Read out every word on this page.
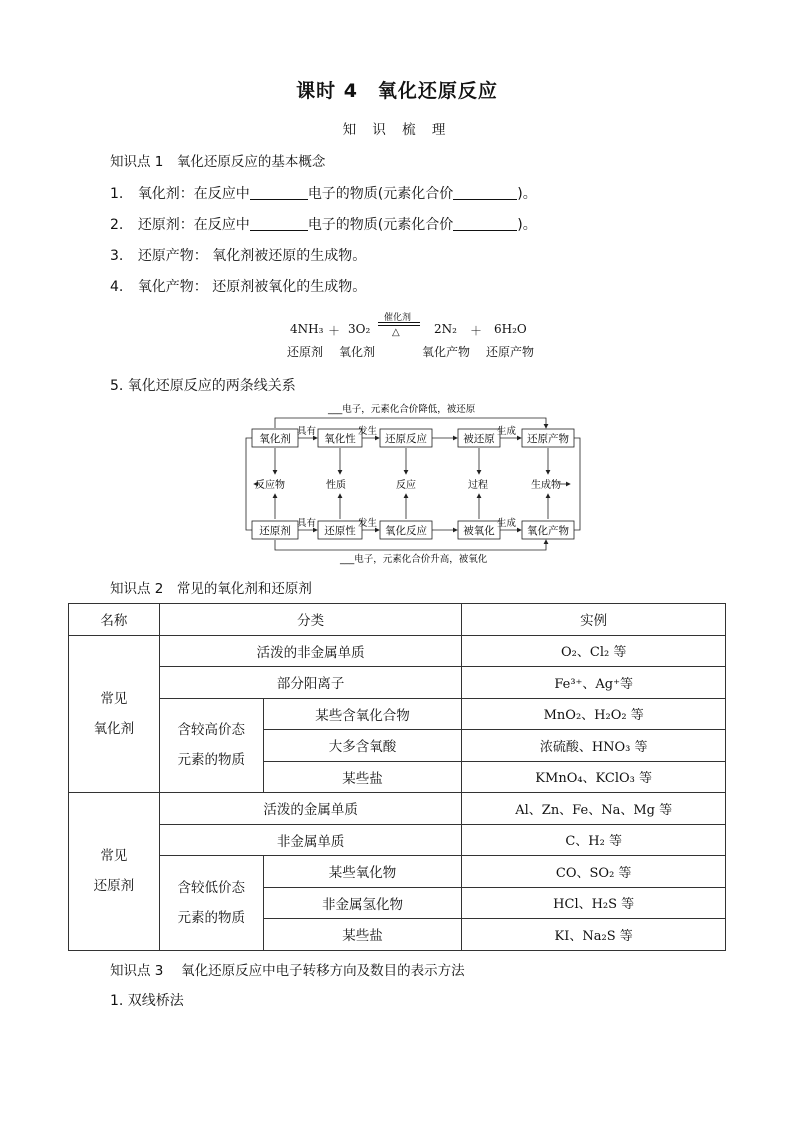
课时 4　氧化还原反应
知 识 梳 理
知识点 1　氧化还原反应的基本概念
1. 氧化剂：在反应中	电子的物质(元素化合价	)。
2. 还原剂：在反应中	电子的物质(元素化合价	)。
3. 还原产物： 氧化剂被还原的生成物。
4. 氧化产物： 还原剂被氧化的生成物。
4NH₃ ＋ 3O₂
催化剂
△	2N₂ ＋ 6H₂O
还原剂 氧化剂	氧化产物 还原产物
5. 氧化还原反应的两条线关系
___电子，元素化合价降低，被还原
___电子，元素化合价升高，被氧化
氧化剂	氧化性	还原反应	被还原	还原产物
具有	发生	生成
反应物	性质	反应	过程	生成物
还原剂	还原性	氧化反应	被氧化	氧化产物
具有	发生	生成
知识点 2　常见的氧化剂和还原剂
名称	分类		实例

常见
氧化剂	活泼的非金属单质		O₂、Cl₂ 等
	部分阳离子		Fe³⁺、Ag⁺等

	含较高价态
元素的物质	某些含氧化合物	MnO₂、H₂O₂ 等
		大多含氧酸	浓硫酸、HNO₃ 等
		某些盐	KMnO₄、KClO₃ 等

常见
还原剂	活泼的金属单质		Al、Zn、Fe、Na、Mg 等
	非金属单质		C、H₂ 等

	含较低价态
元素的物质	某些氧化物	CO、SO₂ 等
		非金属氢化物	HCl、H₂S 等
		某些盐	KI、Na₂S 等
知识点 3　 氧化还原反应中电子转移方向及数目的表示方法
1. 双线桥法
